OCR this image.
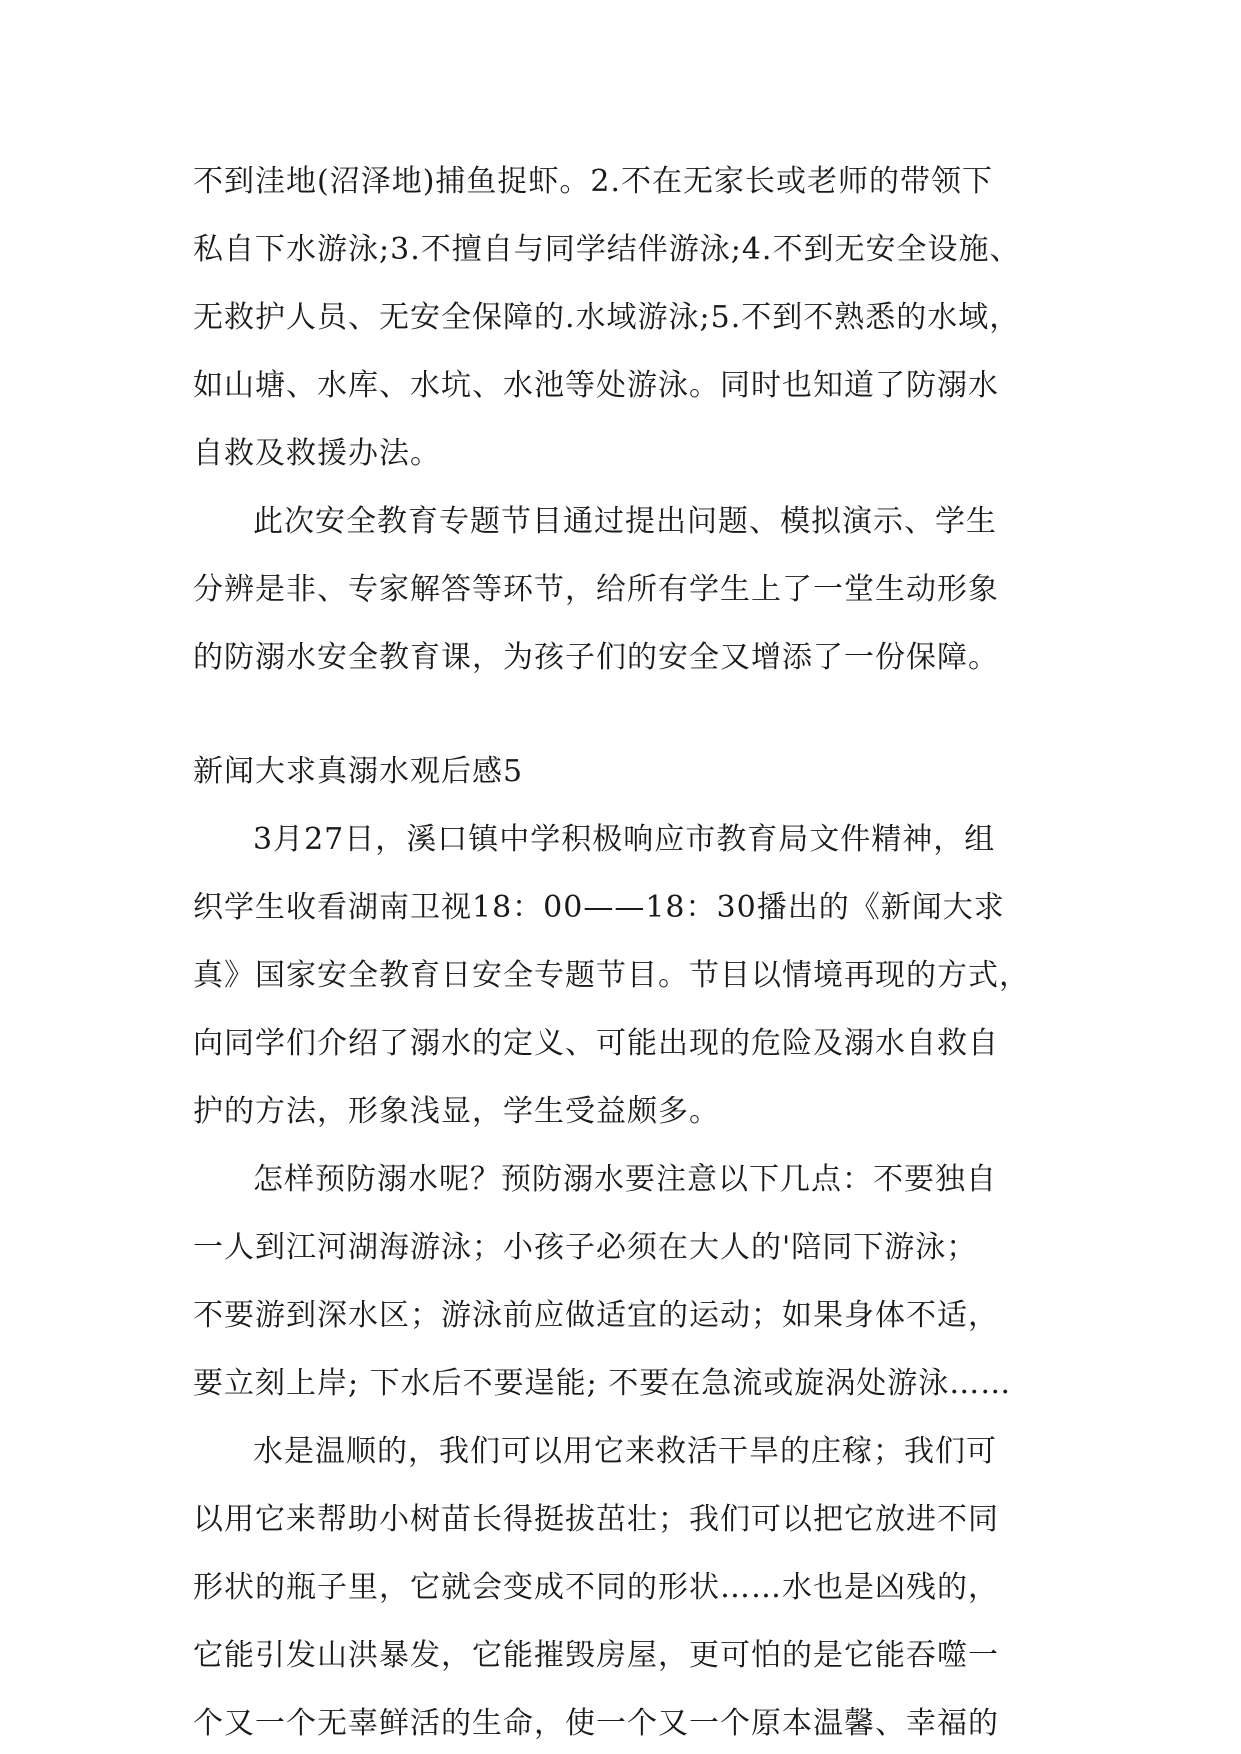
不到洼地(沼泽地)捕鱼捉虾。2.不在无家长或老师的带领下
私自下水游泳;3.不擅自与同学结伴游泳;4.不到无安全设施、
无救护人员、无安全保障的.水域游泳;5.不到不熟悉的水域，
如山塘、水库、水坑、水池等处游泳。同时也知道了防溺水
自救及救援办法。
此次安全教育专题节目通过提出问题、模拟演示、学生
分辨是非、专家解答等环节，给所有学生上了一堂生动形象
的防溺水安全教育课，为孩子们的安全又增添了一份保障。
新闻大求真溺水观后感5
3月27日，溪口镇中学积极响应市教育局文件精神，组
织学生收看湖南卫视18：00——18：30播出的《新闻大求
真》国家安全教育日安全专题节目。节目以情境再现的方式，
向同学们介绍了溺水的定义、可能出现的危险及溺水自救自
护的方法，形象浅显，学生受益颇多。
怎样预防溺水呢？预防溺水要注意以下几点：不要独自
一人到江河湖海游泳；小孩子必须在大人的'陪同下游泳；
不要游到深水区；游泳前应做适宜的运动；如果身体不适，
要立刻上岸; 下水后不要逞能; 不要在急流或旋涡处游泳……
水是温顺的，我们可以用它来救活干旱的庄稼；我们可
以用它来帮助小树苗长得挺拔茁壮；我们可以把它放进不同
形状的瓶子里，它就会变成不同的形状……水也是凶残的，
它能引发山洪暴发，它能摧毁房屋，更可怕的是它能吞噬一
个又一个无辜鲜活的生命，使一个又一个原本温馨、幸福的
